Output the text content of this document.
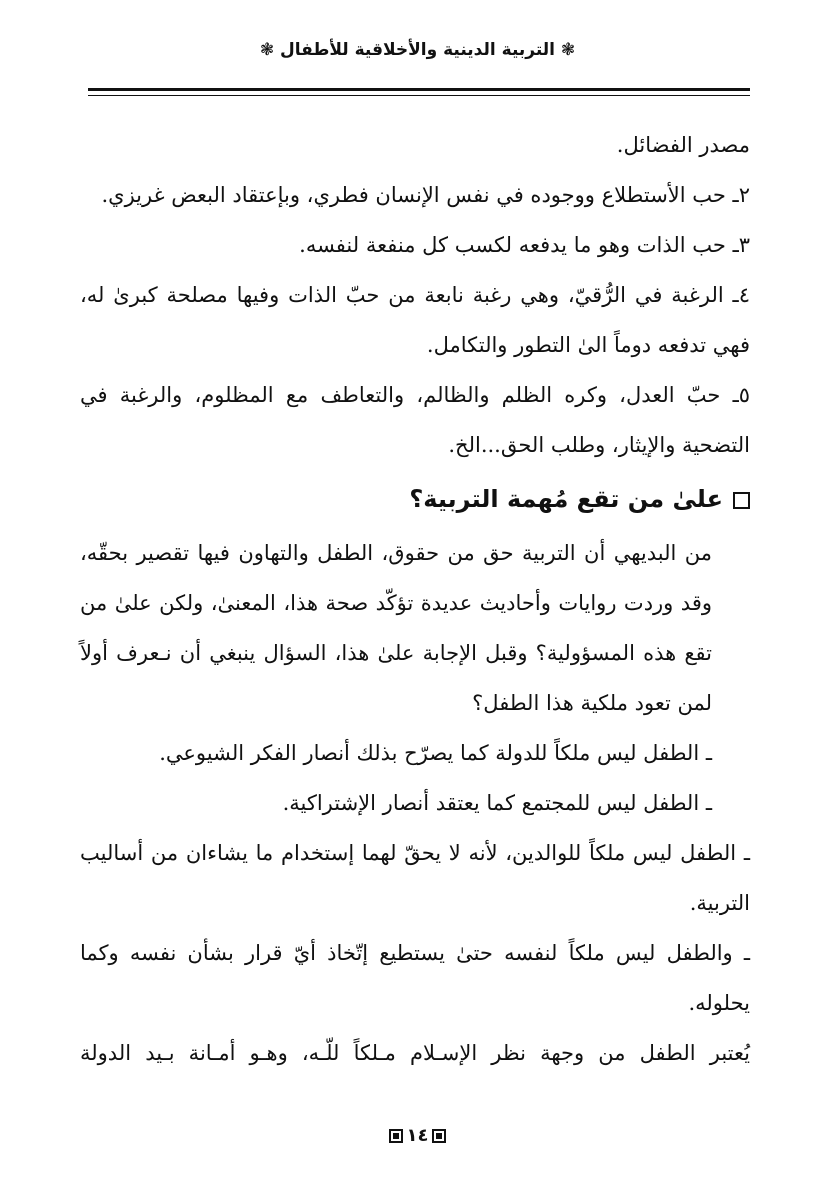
❃ التربية الدينية والأخلاقية للأطفال ❃

مصدر الفضائل.

٢ـ حب الأستطلاع ووجوده في نفس الإنسان فطري، وبإعتقاد البعض غريزي.

٣ـ حب الذات وهو ما يدفعه لكسب كل منفعة لنفسه.

٤ـ الرغبة في الرُّقيّ، وهي رغبة نابعة من حبّ الذات وفيها مصلحة كبرىٰ له، فهي تدفعه دوماً الىٰ التطور والتكامل.

٥ـ حبّ العدل، وكره الظلم والظالم، والتعاطف مع المظلوم، والرغبة في التضحية والإيثار، وطلب الحق...الخ.

علىٰ من تقع مُهمة التربية؟

من البديهي أن التربية حق من حقوق، الطفل والتهاون فيها تقصير بحقّه، وقد وردت روايات وأحاديث عديدة تؤكّد صحة هذا، المعنىٰ، ولكن علىٰ من تقع هذه المسؤولية؟ وقبل الإجابة علىٰ هذا، السؤال ينبغي أن نـعرف أولاً لمن تعود ملكية هذا الطفل؟

ـ الطفل ليس ملكاً للدولة كما يصرّح بذلك أنصار الفكر الشيوعي.

ـ الطفل ليس للمجتمع كما يعتقد أنصار الإشتراكية.

ـ الطفل ليس ملكاً للوالدين، لأنه لا يحقّ لهما إستخدام ما يشاءان من أساليب التربية.

ـ والطفل ليس ملكاً لنفسه حتىٰ يستطيع إتّخاذ أيّ قرار بشأن نفسه وكما يحلوله.

يُعتبر الطفل من وجهة نظر الإسـلام مـلكاً للّـه، وهـو أمـانة بـيد الدولة

١٤
